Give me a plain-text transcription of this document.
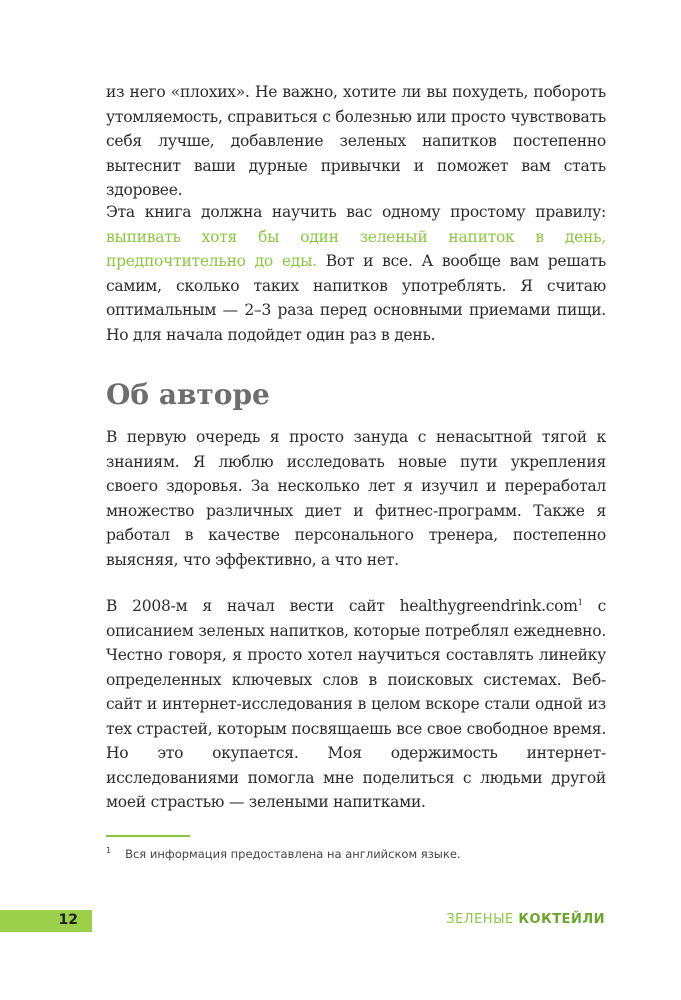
из него «плохих». Не важно, хотите ли вы похудеть, побороть утомляемость, справиться с болезнью или просто чувствовать себя лучше, добавление зеленых напитков постепенно вытеснит ваши дурные привычки и поможет вам стать здоровее.

Эта книга должна научить вас одному простому правилу: выпивать хотя бы один зеленый напиток в день, предпочтительно до еды. Вот и все. А вообще вам решать самим, сколько таких напитков употреблять. Я считаю оптимальным — 2–3 раза перед основными приемами пищи. Но для начала подойдет один раз в день.

Об авторе

В первую очередь я просто зануда с ненасытной тягой к знаниям. Я люблю исследовать новые пути укрепления своего здоровья. За несколько лет я изучил и переработал множество различных диет и фитнес-программ. Также я работал в качестве персонального тренера, постепенно выясняя, что эффективно, а что нет.

В 2008-м я начал вести сайт healthygreendrink.com$^1$ с описанием зеленых напитков, которые потреблял ежедневно. Честно говоря, я просто хотел научиться составлять линейку определенных ключевых слов в поисковых системах. Веб-сайт и интернет-исследования в целом вскоре стали одной из тех страстей, которым посвящаешь все свое свободное время. Но это окупается. Моя одержимость интернет-исследованиями помогла мне поделиться с людьми другой моей страстью — зелеными напитками.

$^1$ Вся информация предоставлена на английском языке.
12	ЗЕЛЕНЫЕ КОКТЕЙЛИ
